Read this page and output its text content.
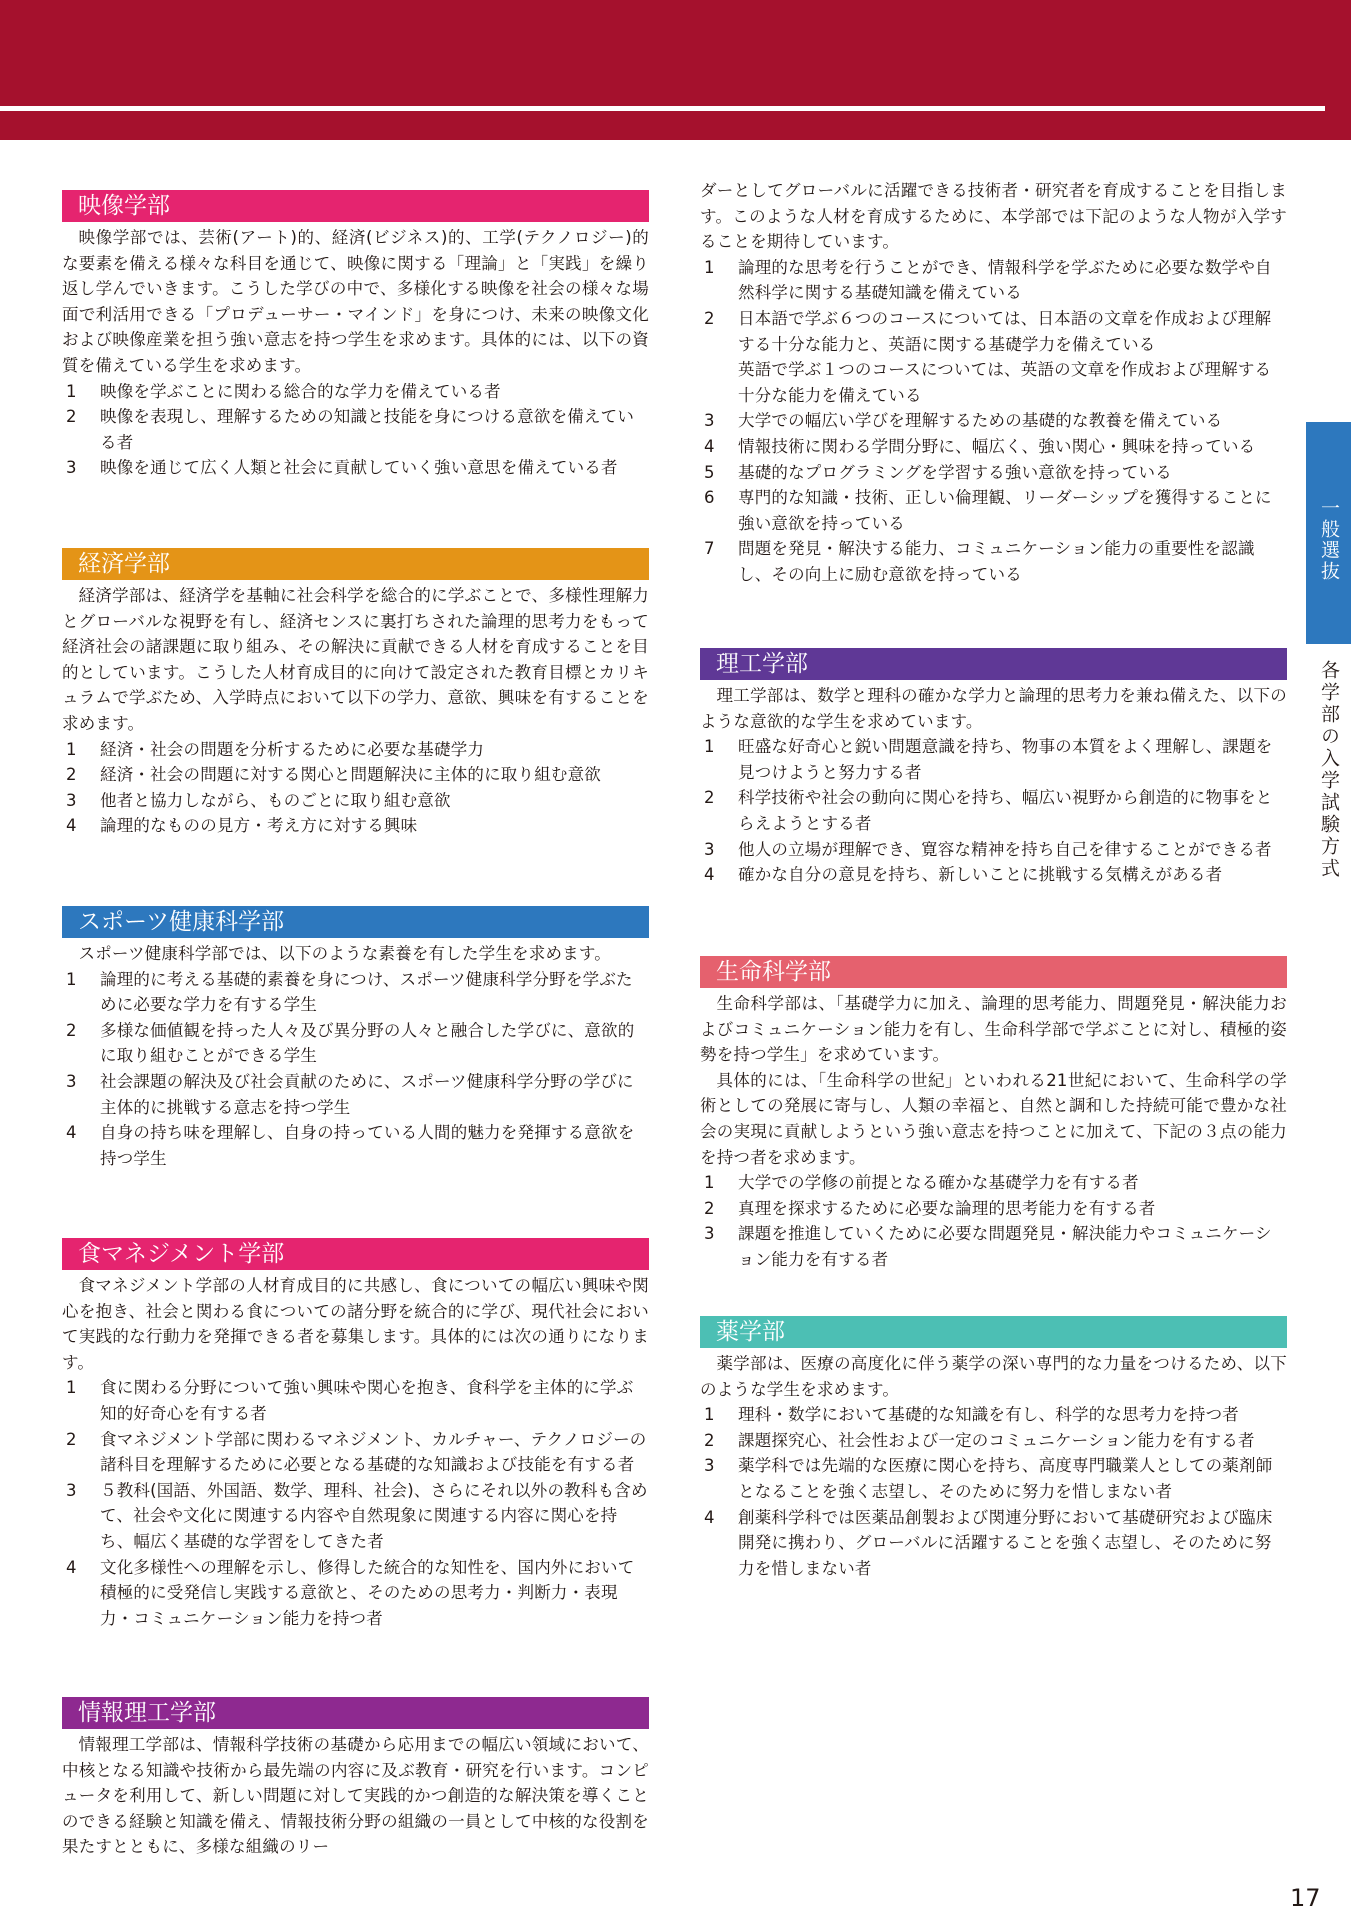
映像学部

映像学部では、芸術(アート)的、経済(ビジネス)的、工学(テクノロジー)的な要素を備える様々な科目を通じて、映像に関する「理論」と「実践」を繰り返し学んでいきます。こうした学びの中で、多様化する映像を社会の様々な場面で利活用できる「プロデューサー・マインド」を身につけ、未来の映像文化および映像産業を担う強い意志を持つ学生を求めます。具体的には、以下の資質を備えている学生を求めます。

1 映像を学ぶことに関わる総合的な学力を備えている者
2 映像を表現し、理解するための知識と技能を身につける意欲を備えている者
3 映像を通じて広く人類と社会に貢献していく強い意思を備えている者
経済学部

経済学部は、経済学を基軸に社会科学を総合的に学ぶことで、多様性理解力とグローバルな視野を有し、経済センスに裏打ちされた論理的思考力をもって経済社会の諸課題に取り組み、その解決に貢献できる人材を育成することを目的としています。こうした人材育成目的に向けて設定された教育目標とカリキュラムで学ぶため、入学時点において以下の学力、意欲、興味を有することを求めます。

1 経済・社会の問題を分析するために必要な基礎学力
2 経済・社会の問題に対する関心と問題解決に主体的に取り組む意欲
3 他者と協力しながら、ものごとに取り組む意欲
4 論理的なものの見方・考え方に対する興味
スポーツ健康科学部

スポーツ健康科学部では、以下のような素養を有した学生を求めます。

1 論理的に考える基礎的素養を身につけ、スポーツ健康科学分野を学ぶために必要な学力を有する学生
2 多様な価値観を持った人々及び異分野の人々と融合した学びに、意欲的に取り組むことができる学生
3 社会課題の解決及び社会貢献のために、スポーツ健康科学分野の学びに主体的に挑戦する意志を持つ学生
4 自身の持ち味を理解し、自身の持っている人間的魅力を発揮する意欲を持つ学生
食マネジメント学部

食マネジメント学部の人材育成目的に共感し、食についての幅広い興味や関心を抱き、社会と関わる食についての諸分野を統合的に学び、現代社会において実践的な行動力を発揮できる者を募集します。具体的には次の通りになります。

1 食に関わる分野について強い興味や関心を抱き、食科学を主体的に学ぶ知的好奇心を有する者
2 食マネジメント学部に関わるマネジメント、カルチャー、テクノロジーの諸科目を理解するために必要となる基礎的な知識および技能を有する者
3 ５教科(国語、外国語、数学、理科、社会)、さらにそれ以外の教科も含めて、社会や文化に関連する内容や自然現象に関連する内容に関心を持ち、幅広く基礎的な学習をしてきた者
4 文化多様性への理解を示し、修得した統合的な知性を、国内外において積極的に受発信し実践する意欲と、そのための思考力・判断力・表現力・コミュニケーション能力を持つ者
情報理工学部

情報理工学部は、情報科学技術の基礎から応用までの幅広い領域において、中核となる知識や技術から最先端の内容に及ぶ教育・研究を行います。コンピュータを利用して、新しい問題に対して実践的かつ創造的な解決策を導くことのできる経験と知識を備え、情報技術分野の組織の一員として中核的な役割を果たすとともに、多様な組織のリー

ダーとしてグローバルに活躍できる技術者・研究者を育成することを目指します。このような人材を育成するために、本学部では下記のような人物が入学することを期待しています。

1 論理的な思考を行うことができ、情報科学を学ぶために必要な数学や自然科学に関する基礎知識を備えている
2 日本語で学ぶ６つのコースについては、日本語の文章を作成および理解する十分な能力と、英語に関する基礎学力を備えている
英語で学ぶ１つのコースについては、英語の文章を作成および理解する十分な能力を備えている
3 大学での幅広い学びを理解するための基礎的な教養を備えている
4 情報技術に関わる学問分野に、幅広く、強い関心・興味を持っている
5 基礎的なプログラミングを学習する強い意欲を持っている
6 専門的な知識・技術、正しい倫理観、リーダーシップを獲得することに強い意欲を持っている
7 問題を発見・解決する能力、コミュニケーション能力の重要性を認識し、その向上に励む意欲を持っている
理工学部

理工学部は、数学と理科の確かな学力と論理的思考力を兼ね備えた、以下のような意欲的な学生を求めています。

1 旺盛な好奇心と鋭い問題意識を持ち、物事の本質をよく理解し、課題を見つけようと努力する者
2 科学技術や社会の動向に関心を持ち、幅広い視野から創造的に物事をとらえようとする者
3 他人の立場が理解でき、寛容な精神を持ち自己を律することができる者
4 確かな自分の意見を持ち、新しいことに挑戦する気構えがある者
生命科学部

生命科学部は、「基礎学力に加え、論理的思考能力、問題発見・解決能力およびコミュニケーション能力を有し、生命科学部で学ぶことに対し、積極的姿勢を持つ学生」を求めています。

具体的には、「生命科学の世紀」といわれる21世紀において、生命科学の学術としての発展に寄与し、人類の幸福と、自然と調和した持続可能で豊かな社会の実現に貢献しようという強い意志を持つことに加えて、下記の３点の能力を持つ者を求めます。

1 大学での学修の前提となる確かな基礎学力を有する者
2 真理を探求するために必要な論理的思考能力を有する者
3 課題を推進していくために必要な問題発見・解決能力やコミュニケーション能力を有する者
薬学部

薬学部は、医療の高度化に伴う薬学の深い専門的な力量をつけるため、以下のような学生を求めます。

1 理科・数学において基礎的な知識を有し、科学的な思考力を持つ者
2 課題探究心、社会性および一定のコミュニケーション能力を有する者
3 薬学科では先端的な医療に関心を持ち、高度専門職業人としての薬剤師となることを強く志望し、そのために努力を惜しまない者
4 創薬科学科では医薬品創製および関連分野において基礎研究および臨床開発に携わり、グローバルに活躍することを強く志望し、そのために努力を惜しまない者
一般選抜
各学部の入学試験方式
17
